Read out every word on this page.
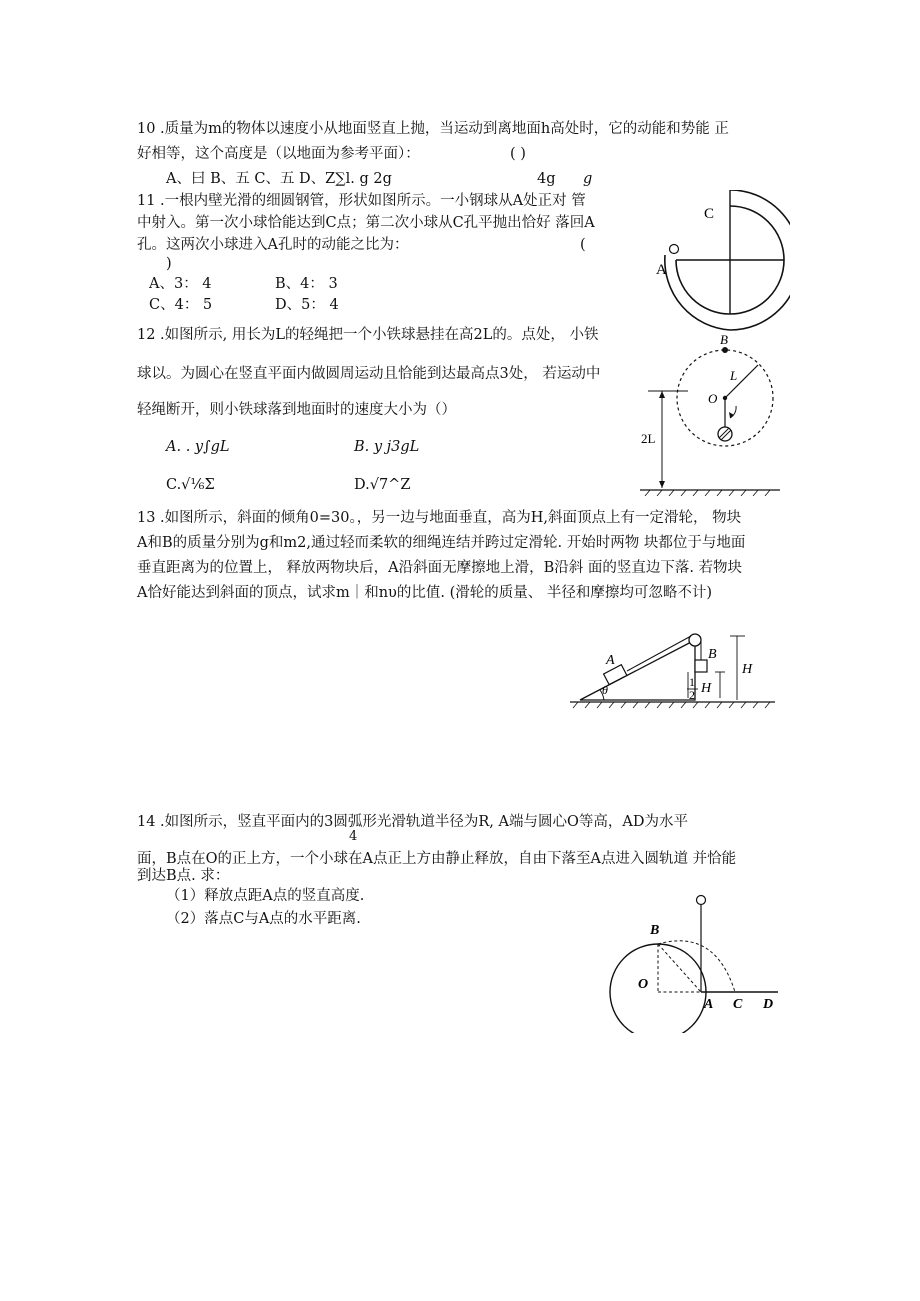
10 .质量为m的物体以速度小从地面竖直上抛，当运动到离地面h高处时，它的动能和势能 正
好相等，这个高度是（以地面为参考平面）：	( )
A、曰 B、五 C、五 D、Z∑l. g 2g	4g g
11 .一根内壁光滑的细圆钢管，形状如图所示。一小钢球从A处正对 管
中射入。第一次小球恰能达到C点；第二次小球从C孔平抛出恰好 落回A
孔。这两次小球进入A孔时的动能之比为：	(
)
A、3： 4	B、4： 3
C、4： 5	D、5： 4
C
A
12 .如图所示, 用长为L的轻绳把一个小铁球悬挂在高2L的。点处， 小铁
球以。为圆心在竖直平面内做圆周运动且恰能到达最高点3处， 若运动中
轻绳断开，则小铁球落到地面时的速度大小为（）
A. . y∫gL	B. y j3gL
C.√⅙Σ	D.√7^Z
B
L
O
2L
13 .如图所示，斜面的倾角0=30。，另一边与地面垂直，高为H,斜面顶点上有一定滑轮， 物块
A和B的质量分别为g和m2,通过轻而柔软的细绳连结并跨过定滑轮. 开始时两物 块都位于与地面
垂直距离为的位置上， 释放两物块后，A沿斜面无摩擦地上滑，B沿斜 面的竖直边下落. 若物块
A恰好能达到斜面的顶点，试求m｜和nυ的比值. (滑轮的质量、 半径和摩擦均可忽略不计)
A	B
θ
1
2 H
H
14 .如图所示，竖直平面内的3圆弧形光滑轨道半径为R, A端与圆心O等高，AD为水平
4
面，B点在O的正上方，一个小球在A点正上方由静止释放，自由下落至A点进入圆轨道 并恰能
到达B点. 求：
（1）释放点距A点的竖直高度.
（2）落点C与A点的水平距离.
B
O
A C D
